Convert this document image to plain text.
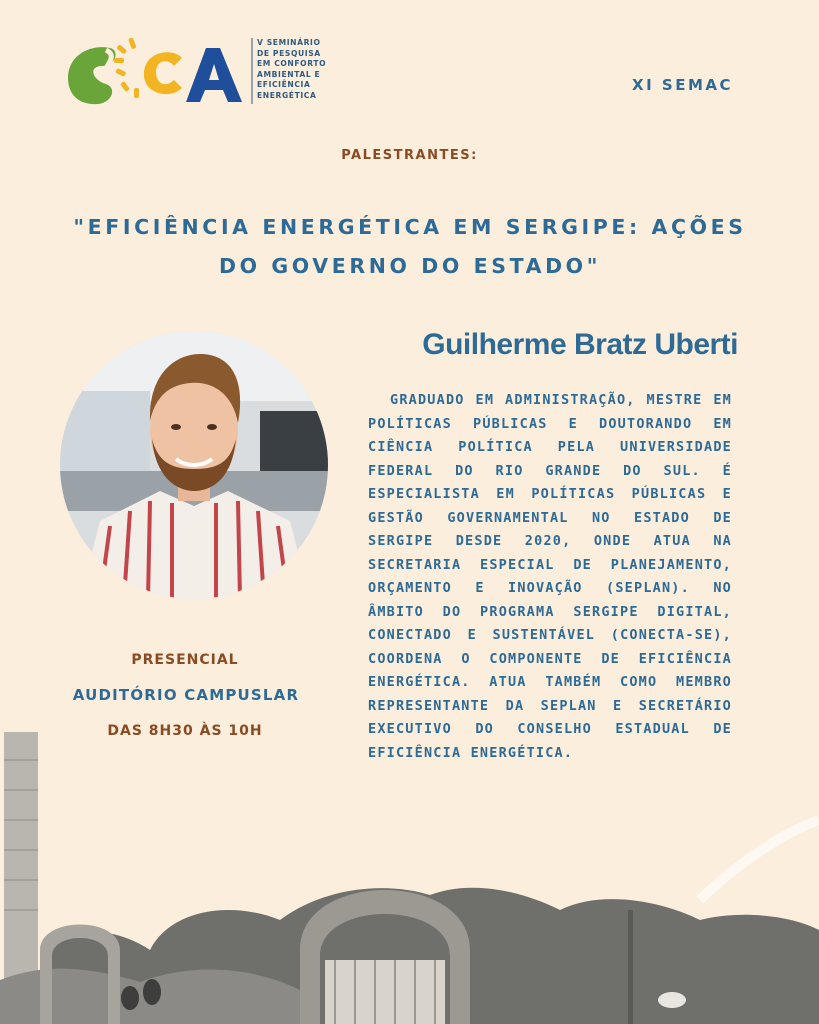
V SEMINÁRIO
DE PESQUISA
EM CONFORTO
AMBIENTAL E
EFICIÊNCIA
ENERGÉTICA
XI SEMAC
PALESTRANTES:
"EFICIÊNCIA ENERGÉTICA EM SERGIPE: AÇÕES DO GOVERNO DO ESTADO"
Guilherme Bratz Uberti
GRADUADO EM ADMINISTRAÇÃO, MESTRE EM POLÍTICAS PÚBLICAS E DOUTORANDO EM CIÊNCIA POLÍTICA PELA UNIVERSIDADE FEDERAL DO RIO GRANDE DO SUL. É ESPECIALISTA EM POLÍTICAS PÚBLICAS E GESTÃO GOVERNAMENTAL NO ESTADO DE SERGIPE DESDE 2020, ONDE ATUA NA SECRETARIA ESPECIAL DE PLANEJAMENTO, ORÇAMENTO E INOVAÇÃO (SEPLAN). NO ÂMBITO DO PROGRAMA SERGIPE DIGITAL, CONECTADO E SUSTENTÁVEL (CONECTA-SE), COORDENA O COMPONENTE DE EFICIÊNCIA ENERGÉTICA. ATUA TAMBÉM COMO MEMBRO REPRESENTANTE DA SEPLAN E SECRETÁRIO EXECUTIVO DO CONSELHO ESTADUAL DE EFICIÊNCIA ENERGÉTICA.
PRESENCIAL
AUDITÓRIO CAMPUSLAR
DAS 8H30 ÀS 10H
